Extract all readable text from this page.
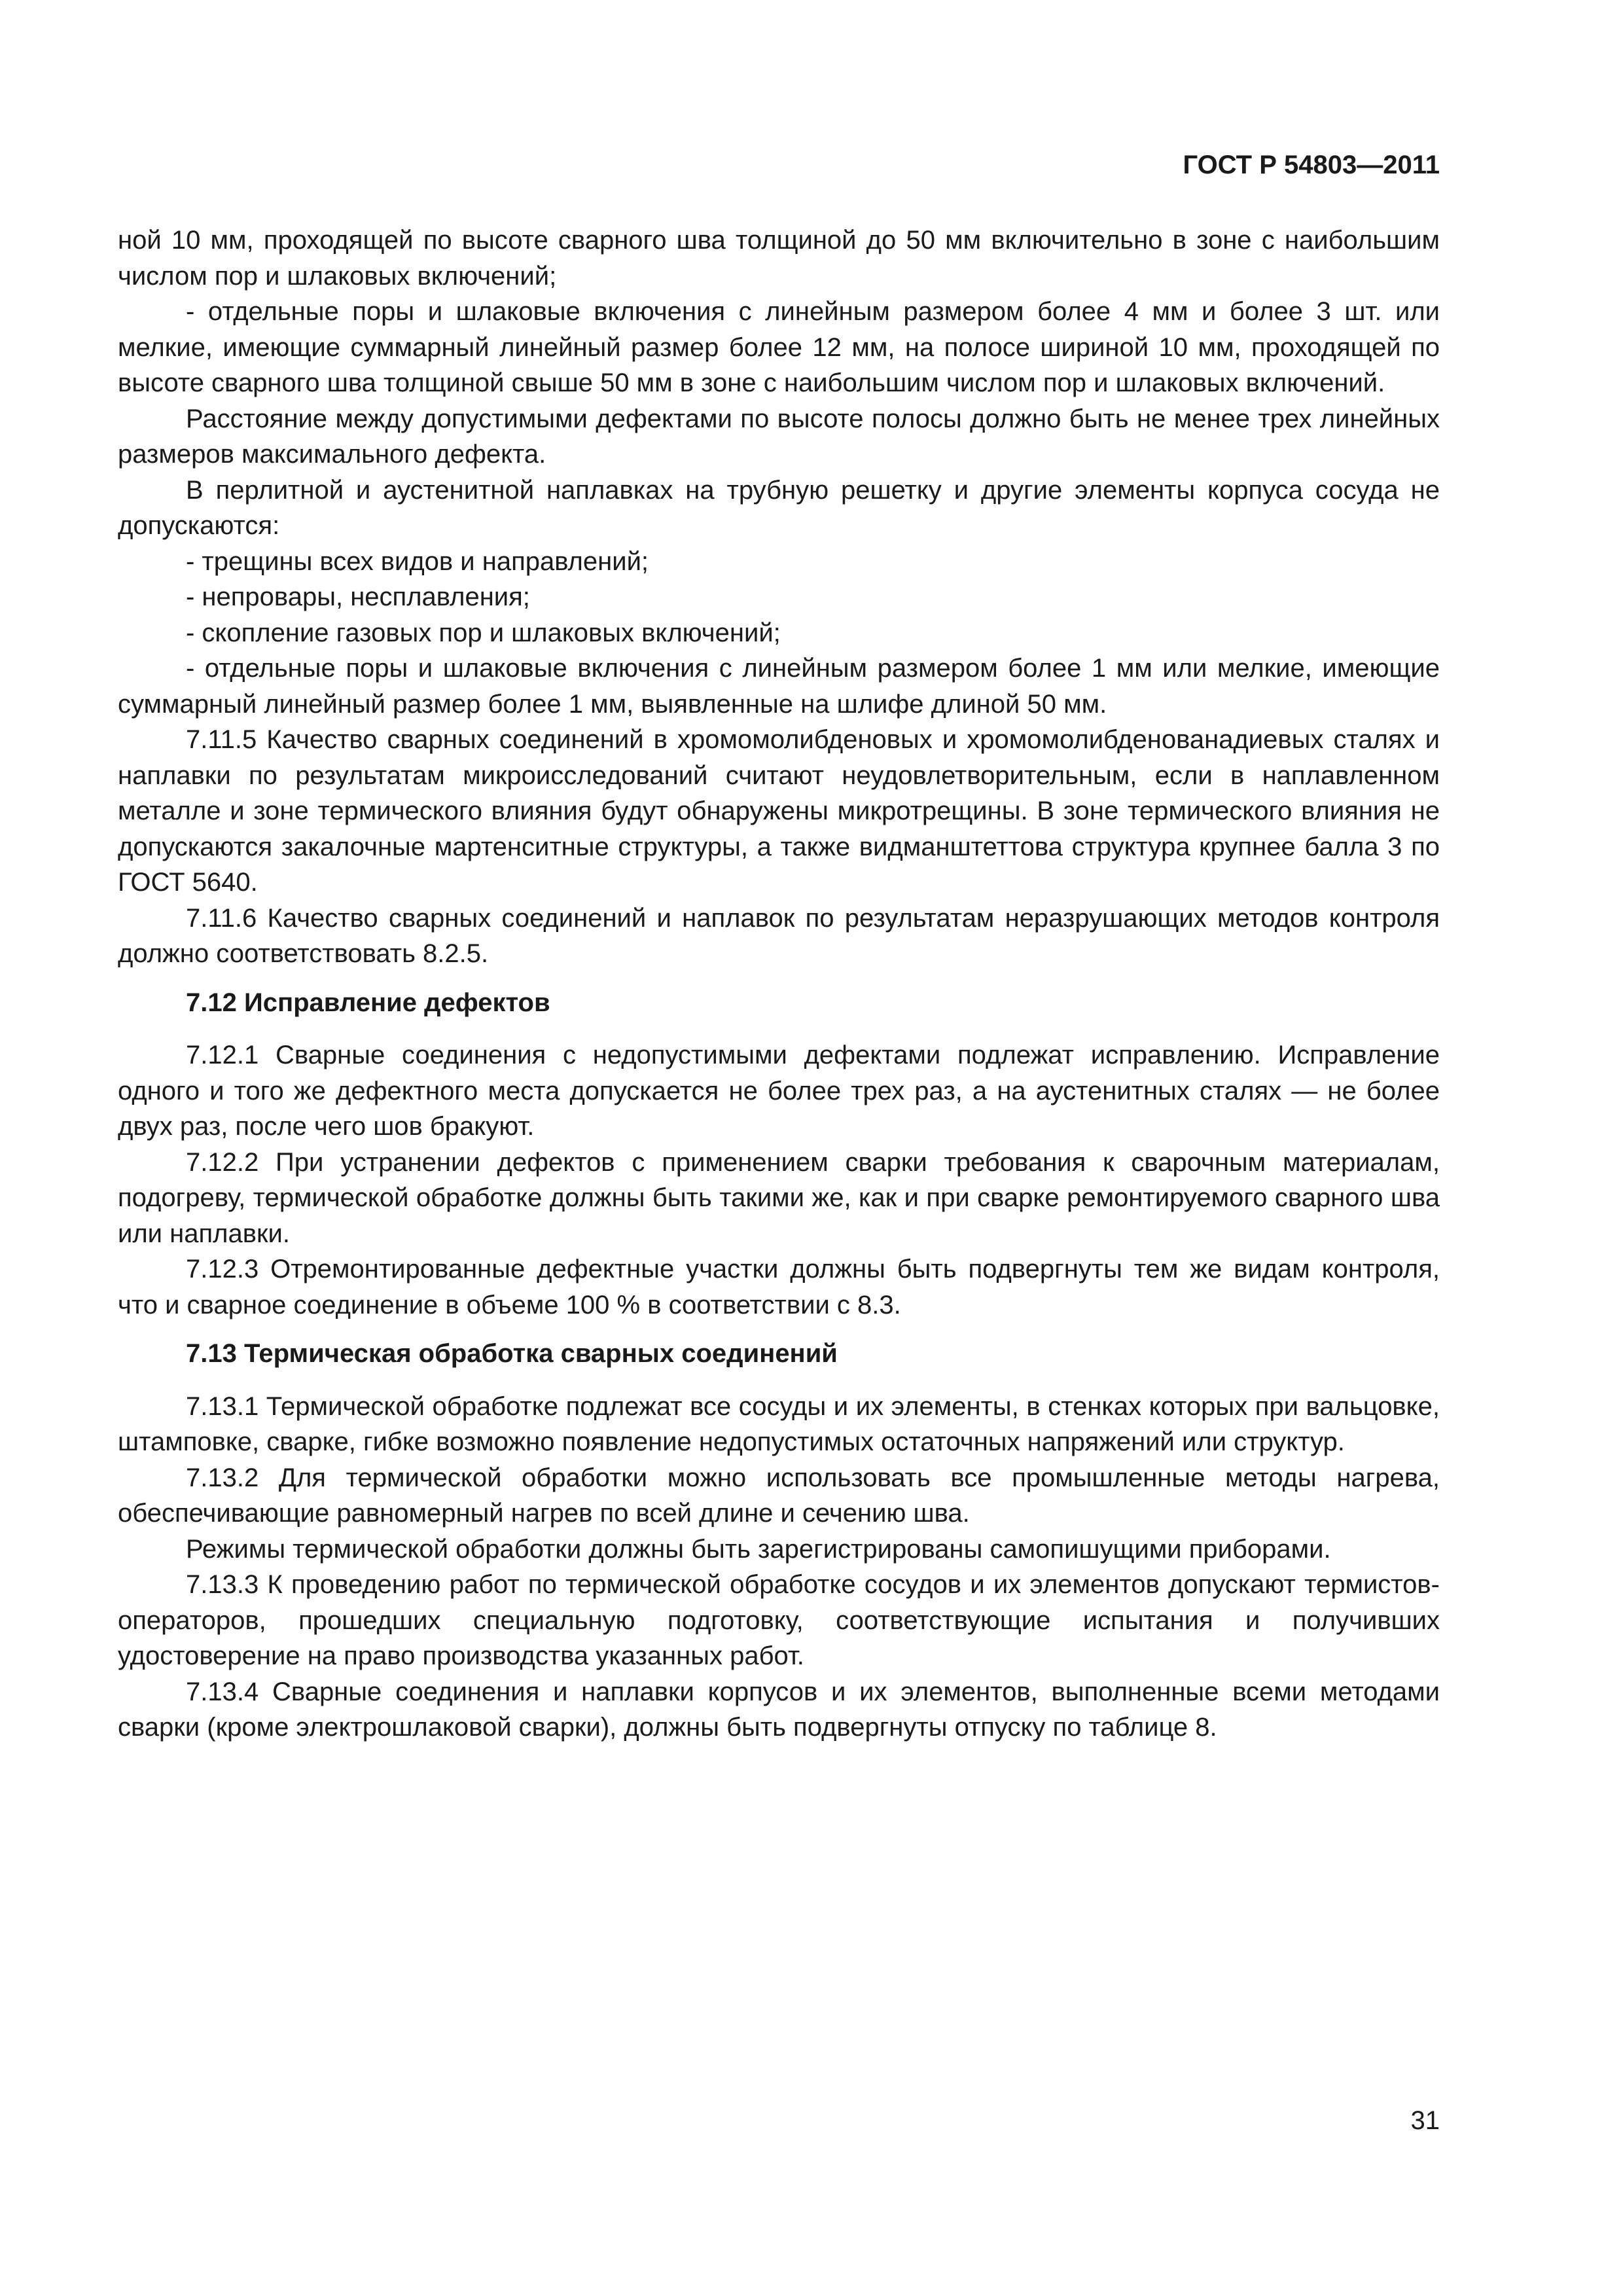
ГОСТ Р 54803—2011

ной 10 мм, проходящей по высоте сварного шва толщиной до 50 мм включительно в зоне с наибольшим числом пор и шлаковых включений;

- отдельные поры и шлаковые включения с линейным размером более 4 мм и более 3 шт. или мелкие, имеющие суммарный линейный размер более 12 мм, на полосе шириной 10 мм, проходящей по высоте сварного шва толщиной свыше 50 мм в зоне с наибольшим числом пор и шлаковых включений.

Расстояние между допустимыми дефектами по высоте полосы должно быть не менее трех линейных размеров максимального дефекта.

В перлитной и аустенитной наплавках на трубную решетку и другие элементы корпуса сосуда не допускаются:

- трещины всех видов и направлений;

- непровары, несплавления;

- скопление газовых пор и шлаковых включений;

- отдельные поры и шлаковые включения с линейным размером более 1 мм или мелкие, имеющие суммарный линейный размер более 1 мм, выявленные на шлифе длиной 50 мм.

7.11.5 Качество сварных соединений в хромомолибденовых и хромомолибденованадиевых сталях и наплавки по результатам микроисследований считают неудовлетворительным, если в наплавленном металле и зоне термического влияния будут обнаружены микротрещины. В зоне термического влияния не допускаются закалочные мартенситные структуры, а также видманштеттова структура крупнее балла 3 по ГОСТ 5640.

7.11.6 Качество сварных соединений и наплавок по результатам неразрушающих методов контроля должно соответствовать 8.2.5.

7.12 Исправление дефектов

7.12.1 Сварные соединения с недопустимыми дефектами подлежат исправлению. Исправление одного и того же дефектного места допускается не более трех раз, а на аустенитных сталях — не более двух раз, после чего шов бракуют.

7.12.2 При устранении дефектов с применением сварки требования к сварочным материалам, подогреву, термической обработке должны быть такими же, как и при сварке ремонтируемого сварного шва или наплавки.

7.12.3 Отремонтированные дефектные участки должны быть подвергнуты тем же видам контроля, что и сварное соединение в объеме 100 % в соответствии с 8.3.

7.13 Термическая обработка сварных соединений

7.13.1 Термической обработке подлежат все сосуды и их элементы, в стенках которых при вальцовке, штамповке, сварке, гибке возможно появление недопустимых остаточных напряжений или структур.

7.13.2 Для термической обработки можно использовать все промышленные методы нагрева, обеспечивающие равномерный нагрев по всей длине и сечению шва.

Режимы термической обработки должны быть зарегистрированы самопишущими приборами.

7.13.3 К проведению работ по термической обработке сосудов и их элементов допускают термистов-операторов, прошедших специальную подготовку, соответствующие испытания и получивших удостоверение на право производства указанных работ.

7.13.4 Сварные соединения и наплавки корпусов и их элементов, выполненные всеми методами сварки (кроме электрошлаковой сварки), должны быть подвергнуты отпуску по таблице 8.

31
